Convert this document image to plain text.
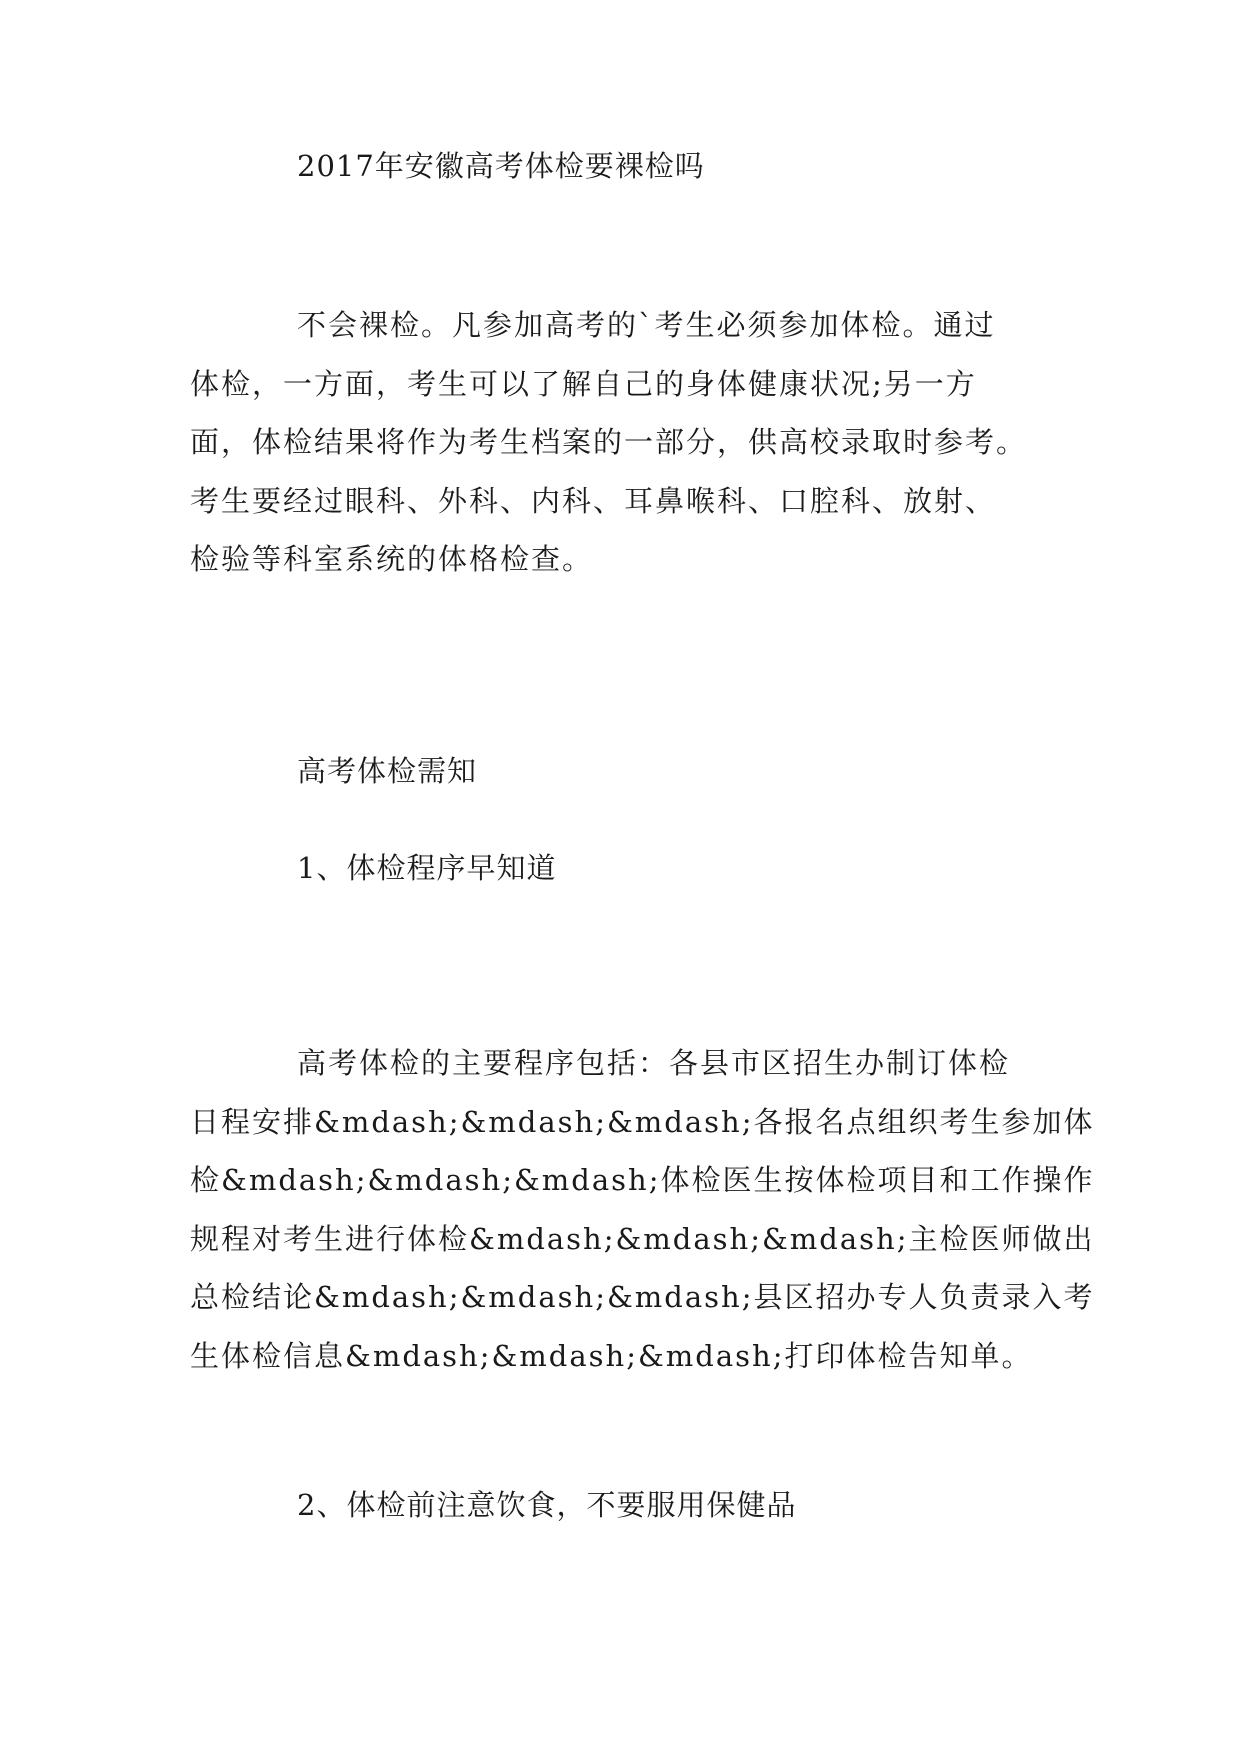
2017年安徽高考体检要裸检吗
不会裸检。凡参加高考的`考生必须参加体检。通过
体检，一方面，考生可以了解自己的身体健康状况;另一方
面，体检结果将作为考生档案的一部分，供高校录取时参考。
考生要经过眼科、外科、内科、耳鼻喉科、口腔科、放射、
检验等科室系统的体格检查。
高考体检需知
1、体检程序早知道
高考体检的主要程序包括：各县市区招生办制订体检
日程安排&mdash;&mdash;&mdash;各报名点组织考生参加体
检&mdash;&mdash;&mdash;体检医生按体检项目和工作操作
规程对考生进行体检&mdash;&mdash;&mdash;主检医师做出
总检结论&mdash;&mdash;&mdash;县区招办专人负责录入考
生体检信息&mdash;&mdash;&mdash;打印体检告知单。
2、体检前注意饮食，不要服用保健品
